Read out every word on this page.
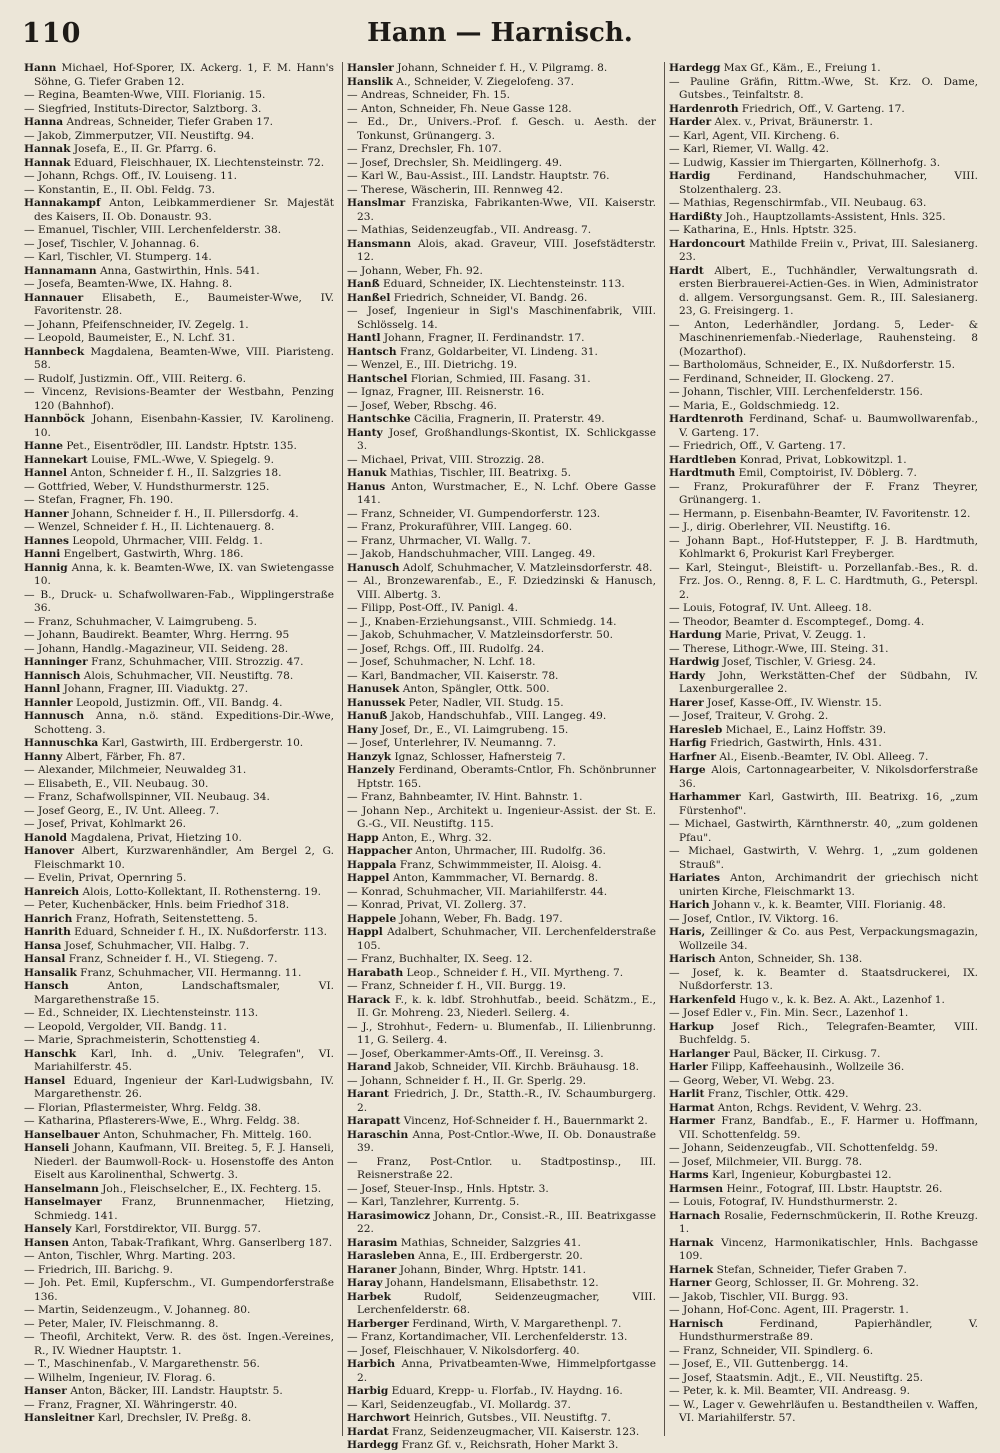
110	Hann — Harnisch.

Hann Michael, Hof-Sporer, IX. Ackerg. 1, F. M. Hann's Söhne, G. Tiefer Graben 12.

— Regina, Beamten-Wwe, VIII. Florianig. 15.

— Siegfried, Instituts-Director, Salztborg. 3.

Hanna Andreas, Schneider, Tiefer Graben 17.

— Jakob, Zimmerputzer, VII. Neustiftg. 94.

Hannak Josefa, E., II. Gr. Pfarrg. 6.

Hannak Eduard, Fleischhauer, IX. Liechtensteinstr. 72.

— Johann, Rchgs. Off., IV. Louiseng. 11.

— Konstantin, E., II. Obl. Feldg. 73.

Hannakampf Anton, Leibkammerdiener Sr. Majestät des Kaisers, II. Ob. Donaustr. 93.

— Emanuel, Tischler, VIII. Lerchenfelderstr. 38.

— Josef, Tischler, V. Johannag. 6.

— Karl, Tischler, VI. Stumperg. 14.

Hannamann Anna, Gastwirthin, Hnls. 541.

— Josefa, Beamten-Wwe, IX. Hahng. 8.

Hannauer Elisabeth, E., Baumeister-Wwe, IV. Favoritenstr. 28.

— Johann, Pfeifenschneider, IV. Zegelg. 1.

— Leopold, Baumeister, E., N. Lchf. 31.

Hannbeck Magdalena, Beamten-Wwe, VIII. Piaristeng. 58.

— Rudolf, Justizmin. Off., VIII. Reiterg. 6.

— Vincenz, Revisions-Beamter der Westbahn, Penzing 120 (Bahnhof).

Hannböck Johann, Eisenbahn-Kassier, IV. Karolineng. 10.

Hanne Pet., Eisentrödler, III. Landstr. Hptstr. 135.

Hannekart Louise, FML.-Wwe, V. Spiegelg. 9.

Hannel Anton, Schneider f. H., II. Salzgries 18.

— Gottfried, Weber, V. Hundsthurmerstr. 125.

— Stefan, Fragner, Fh. 190.

Hanner Johann, Schneider f. H., II. Pillersdorfg. 4.

— Wenzel, Schneider f. H., II. Lichtenauerg. 8.

Hannes Leopold, Uhrmacher, VIII. Feldg. 1.

Hanni Engelbert, Gastwirth, Whrg. 186.

Hannig Anna, k. k. Beamten-Wwe, IX. van Swietengasse 10.

— B., Druck- u. Schafwollwaren-Fab., Wipplingerstraße 36.

— Franz, Schuhmacher, V. Laimgrubeng. 5.

— Johann, Baudirekt. Beamter, Whrg. Herrng. 95

— Johann, Handlg.-Magazineur, VII. Seideng. 28.

Hanninger Franz, Schuhmacher, VIII. Strozzig. 47.

Hannisch Alois, Schuhmacher, VII. Neustiftg. 78.

Hannl Johann, Fragner, III. Viaduktg. 27.

Hannler Leopold, Justizmin. Off., VII. Bandg. 4.

Hannusch Anna, n.ö. ständ. Expeditions-Dir.-Wwe, Schotteng. 3.

Hannuschka Karl, Gastwirth, III. Erdbergerstr. 10.

Hanny Albert, Färber, Fh. 87.

— Alexander, Milchmeier, Neuwaldeg 31.

— Elisabeth, E., VII. Neubaug. 30.

— Franz, Schafwollspinner, VII. Neubaug. 34.

— Josef Georg, E., IV. Unt. Alleeg. 7.

— Josef, Privat, Kohlmarkt 26.

Hanold Magdalena, Privat, Hietzing 10.

Hanover Albert, Kurzwarenhändler, Am Bergel 2, G. Fleischmarkt 10.

— Evelin, Privat, Opernring 5.

Hanreich Alois, Lotto-Kollektant, II. Rothensterng. 19.

— Peter, Kuchenbäcker, Hnls. beim Friedhof 318.

Hanrich Franz, Hofrath, Seitenstetteng. 5.

Hanrith Eduard, Schneider f. H., IX. Nußdorferstr. 113.

Hansa Josef, Schuhmacher, VII. Halbg. 7.

Hansal Franz, Schneider f. H., VI. Stiegeng. 7.

Hansalik Franz, Schuhmacher, VII. Hermanng. 11.

Hansch Anton, Landschaftsmaler, VI. Margarethenstraße 15.

— Ed., Schneider, IX. Liechtensteinstr. 113.

— Leopold, Vergolder, VII. Bandg. 11.

— Marie, Sprachmeisterin, Schottenstieg 4.

Hanschk Karl, Inh. d. „Univ. Telegrafen", VI. Mariahilferstr. 45.

Hansel Eduard, Ingenieur der Karl-Ludwigsbahn, IV. Margarethenstr. 26.

— Florian, Pflastermeister, Whrg. Feldg. 38.

— Katharina, Pflasterers-Wwe, E., Whrg. Feldg. 38.

Hanselbauer Anton, Schuhmacher, Fh. Mittelg. 160.

Hanseli Johann, Kaufmann, VII. Breiteg. 5, F. J. Hanseli, Niederl. der Baumwoll-Rock- u. Hosenstoffe des Anton Eiselt aus Karolinenthal, Schwertg. 3.

Hanselmann Joh., Fleischselcher, E., IX. Fechterg. 15.

Hanselmayer Franz, Brunnenmacher, Hietzing, Schmiedg. 141.

Hansely Karl, Forstdirektor, VII. Burgg. 57.

Hansen Anton, Tabak-Trafikant, Whrg. Ganserlberg 187.

— Anton, Tischler, Whrg. Marting. 203.

— Friedrich, III. Barichg. 9.

— Joh. Pet. Emil, Kupferschm., VI. Gumpendorferstraße 136.

— Martin, Seidenzeugm., V. Johanneg. 80.

— Peter, Maler, IV. Fleischmanng. 8.

— Theofil, Architekt, Verw. R. des öst. Ingen.-Vereines, R., IV. Wiedner Hauptstr. 1.

— T., Maschinenfab., V. Margarethenstr. 56.

— Wilhelm, Ingenieur, IV. Florag. 6.

Hanser Anton, Bäcker, III. Landstr. Hauptstr. 5.

— Franz, Fragner, XI. Währingerstr. 40.

Hansleitner Karl, Drechsler, IV. Preßg. 8.

Hansler Johann, Schneider f. H., V. Pilgramg. 8.

Hanslik A., Schneider, V. Ziegelofeng. 37.

— Andreas, Schneider, Fh. 15.

— Anton, Schneider, Fh. Neue Gasse 128.

— Ed., Dr., Univers.-Prof. f. Gesch. u. Aesth. der Tonkunst, Grünangerg. 3.

— Franz, Drechsler, Fh. 107.

— Josef, Drechsler, Sh. Meidlingerg. 49.

— Karl W., Bau-Assist., III. Landstr. Hauptstr. 76.

— Therese, Wäscherin, III. Rennweg 42.

Hanslmar Franziska, Fabrikanten-Wwe, VII. Kaiserstr. 23.

— Mathias, Seidenzeugfab., VII. Andreasg. 7.

Hansmann Alois, akad. Graveur, VIII. Josefstädterstr. 12.

— Johann, Weber, Fh. 92.

Hanß Eduard, Schneider, IX. Liechtensteinstr. 113.

Hanßel Friedrich, Schneider, VI. Bandg. 26.

— Josef, Ingenieur in Sigl's Maschinenfabrik, VIII. Schlösselg. 14.

Hantl Johann, Fragner, II. Ferdinandstr. 17.

Hantsch Franz, Goldarbeiter, VI. Lindeng. 31.

— Wenzel, E., III. Dietrichg. 19.

Hantschel Florian, Schmied, III. Fasang. 31.

— Ignaz, Fragner, III. Reisnerstr. 16.

— Josef, Weber, Rbschg. 46.

Hantschke Cäcilia, Fragnerin, II. Praterstr. 49.

Hanty Josef, Großhandlungs-Skontist, IX. Schlickgasse 3.

— Michael, Privat, VIII. Strozzig. 28.

Hanuk Mathias, Tischler, III. Beatrixg. 5.

Hanus Anton, Wurstmacher, E., N. Lchf. Obere Gasse 141.

— Franz, Schneider, VI. Gumpendorferstr. 123.

— Franz, Prokuraführer, VIII. Langeg. 60.

— Franz, Uhrmacher, VI. Wallg. 7.

— Jakob, Handschuhmacher, VIII. Langeg. 49.

Hanusch Adolf, Schuhmacher, V. Matzleinsdorferstr. 48.

— Al., Bronzewarenfab., E., F. Dziedzinski & Hanusch, VIII. Albertg. 3.

— Filipp, Post-Off., IV. Panigl. 4.

— J., Knaben-Erziehungsanst., VIII. Schmiedg. 14.

— Jakob, Schuhmacher, V. Matzleinsdorferstr. 50.

— Josef, Rchgs. Off., III. Rudolfg. 24.

— Josef, Schuhmacher, N. Lchf. 18.

— Karl, Bandmacher, VII. Kaiserstr. 78.

Hanusek Anton, Spängler, Ottk. 500.

Hanussek Peter, Nadler, VII. Studg. 15.

Hanuß Jakob, Handschuhfab., VIII. Langeg. 49.

Hany Josef, Dr., E., VI. Laimgrubeng. 15.

— Josef, Unterlehrer, IV. Neumanng. 7.

Hanzyk Ignaz, Schlosser, Hafnersteig 7.

Hanzely Ferdinand, Oberamts-Cntlor, Fh. Schönbrunner Hptstr. 165.

— Franz, Bahnbeamter, IV. Hint. Bahnstr. 1.

— Johann Nep., Architekt u. Ingenieur-Assist. der St. E. G.-G., VII. Neustiftg. 115.

Happ Anton, E., Whrg. 32.

Happacher Anton, Uhrmacher, III. Rudolfg. 36.

Happala Franz, Schwimmmeister, II. Aloisg. 4.

Happel Anton, Kammmacher, VI. Bernardg. 8.

— Konrad, Schuhmacher, VII. Mariahilferstr. 44.

— Konrad, Privat, VI. Zollerg. 37.

Happele Johann, Weber, Fh. Badg. 197.

Happl Adalbert, Schuhmacher, VII. Lerchenfelderstraße 105.

— Franz, Buchhalter, IX. Seeg. 12.

Harabath Leop., Schneider f. H., VII. Myrtheng. 7.

— Franz, Schneider f. H., VII. Burgg. 19.

Harack F., k. k. ldbf. Strohhutfab., beeid. Schätzm., E., II. Gr. Mohreng. 23, Niederl. Seilerg. 4.

— J., Strohhut-, Federn- u. Blumenfab., II. Lilienbrunng. 11, G. Seilerg. 4.

— Josef, Oberkammer-Amts-Off., II. Vereinsg. 3.

Harand Jakob, Schneider, VII. Kirchb. Bräuhausg. 18.

— Johann, Schneider f. H., II. Gr. Sperlg. 29.

Harant Friedrich, J. Dr., Statth.-R., IV. Schaumburgerg. 2.

Harapatt Vincenz, Hof-Schneider f. H., Bauernmarkt 2.

Haraschin Anna, Post-Cntlor.-Wwe, II. Ob. Donaustraße 39.

— Franz, Post-Cntlor. u. Stadtpostinsp., III. Reisnerstraße 22.

— Josef, Steuer-Insp., Hnls. Hptstr. 3.

— Karl, Tanzlehrer, Kurrentg. 5.

Harasimowicz Johann, Dr., Consist.-R., III. Beatrixgasse 22.

Harasim Mathias, Schneider, Salzgries 41.

Harasleben Anna, E., III. Erdbergerstr. 20.

Haraner Johann, Binder, Whrg. Hptstr. 141.

Haray Johann, Handelsmann, Elisabethstr. 12.

Harbek Rudolf, Seidenzeugmacher, VIII. Lerchenfelderstr. 68.

Harberger Ferdinand, Wirth, V. Margarethenpl. 7.

— Franz, Kortandimacher, VII. Lerchenfelderstr. 13.

— Josef, Fleischhauer, V. Nikolsdorferg. 40.

Harbich Anna, Privatbeamten-Wwe, Himmelpfortgasse 2.

Harbig Eduard, Krepp- u. Florfab., IV. Haydng. 16.

— Karl, Seidenzeugfab., VI. Mollardg. 37.

Harchwort Heinrich, Gutsbes., VII. Neustiftg. 7.

Hardat Franz, Seidenzeugmacher, VII. Kaiserstr. 123.

Hardegg Franz Gf. v., Reichsrath, Hoher Markt 3.

Hardegg Max Gf., Käm., E., Freiung 1.

— Pauline Gräfin, Rittm.-Wwe, St. Krz. O. Dame, Gutsbes., Teinfaltstr. 8.

Hardenroth Friedrich, Off., V. Garteng. 17.

Harder Alex. v., Privat, Bräunerstr. 1.

— Karl, Agent, VII. Kircheng. 6.

— Karl, Riemer, VI. Wallg. 42.

— Ludwig, Kassier im Thiergarten, Köllnerhofg. 3.

Hardig Ferdinand, Handschuhmacher, VIII. Stolzenthalerg. 23.

— Mathias, Regenschirmfab., VII. Neubaug. 63.

Hardißty Joh., Hauptzollamts-Assistent, Hnls. 325.

— Katharina, E., Hnls. Hptstr. 325.

Hardoncourt Mathilde Freiin v., Privat, III. Salesianerg. 23.

Hardt Albert, E., Tuchhändler, Verwaltungsrath d. ersten Bierbrauerei-Actien-Ges. in Wien, Administrator d. allgem. Versorgungsanst. Gem. R., III. Salesianerg. 23, G. Freisingerg. 1.

— Anton, Lederhändler, Jordang. 5, Leder- & Maschinenriemenfab.-Niederlage, Rauhensteing. 8 (Mozarthof).

— Bartholomäus, Schneider, E., IX. Nußdorferstr. 15.

— Ferdinand, Schneider, II. Glockeng. 27.

— Johann, Tischler, VIII. Lerchenfelderstr. 156.

— Maria, E., Goldschmiedg. 12.

Hardtenroth Ferdinand, Schaf- u. Baumwollwarenfab., V. Garteng. 17.

— Friedrich, Off., V. Garteng. 17.

Hardtleben Konrad, Privat, Lobkowitzpl. 1.

Hardtmuth Emil, Comptoirist, IV. Döblerg. 7.

— Franz, Prokuraführer der F. Franz Theyrer, Grünangerg. 1.

— Hermann, p. Eisenbahn-Beamter, IV. Favoritenstr. 12.

— J., dirig. Oberlehrer, VII. Neustiftg. 16.

— Johann Bapt., Hof-Hutstepper, F. J. B. Hardtmuth, Kohlmarkt 6, Prokurist Karl Freyberger.

— Karl, Steingut-, Bleistift- u. Porzellanfab.-Bes., R. d. Frz. Jos. O., Renng. 8, F. L. C. Hardtmuth, G., Peterspl. 2.

— Louis, Fotograf, IV. Unt. Alleeg. 18.

— Theodor, Beamter d. Escomptegef., Domg. 4.

Hardung Marie, Privat, V. Zeugg. 1.

— Therese, Lithogr.-Wwe, III. Steing. 31.

Hardwig Josef, Tischler, V. Griesg. 24.

Hardy John, Werkstätten-Chef der Südbahn, IV. Laxenburgerallee 2.

Harer Josef, Kasse-Off., IV. Wienstr. 15.

— Josef, Traiteur, V. Grohg. 2.

Haresleb Michael, E., Lainz Hoffstr. 39.

Harfig Friedrich, Gastwirth, Hnls. 431.

Harfner Al., Eisenb.-Beamter, IV. Obl. Alleeg. 7.

Harge Alois, Cartonnagearbeiter, V. Nikolsdorferstraße 36.

Harhammer Karl, Gastwirth, III. Beatrixg. 16, „zum Fürstenhof".

— Michael, Gastwirth, Kärnthnerstr. 40, „zum goldenen Pfau".

— Michael, Gastwirth, V. Wehrg. 1, „zum goldenen Strauß".

Hariates Anton, Archimandrit der griechisch nicht unirten Kirche, Fleischmarkt 13.

Harich Johann v., k. k. Beamter, VIII. Florianig. 48.

— Josef, Cntlor., IV. Viktorg. 16.

Haris, Zeillinger & Co. aus Pest, Verpackungsmagazin, Wollzeile 34.

Harisch Anton, Schneider, Sh. 138.

— Josef, k. k. Beamter d. Staatsdruckerei, IX. Nußdorferstr. 13.

Harkenfeld Hugo v., k. k. Bez. A. Akt., Lazenhof 1.

— Josef Edler v., Fin. Min. Secr., Lazenhof 1.

Harkup Josef Rich., Telegrafen-Beamter, VIII. Buchfeldg. 5.

Harlanger Paul, Bäcker, II. Cirkusg. 7.

Harler Filipp, Kaffeehausinh., Wollzeile 36.

— Georg, Weber, VI. Webg. 23.

Harlit Franz, Tischler, Ottk. 429.

Harmat Anton, Rchgs. Revident, V. Wehrg. 23.

Harmer Franz, Bandfab., E., F. Harmer u. Hoffmann, VII. Schottenfeldg. 59.

— Johann, Seidenzeugfab., VII. Schottenfeldg. 59.

— Josef, Milchmeier, VII. Burgg. 78.

Harms Karl, Ingenieur, Koburgbastei 12.

Harmsen Heinr., Fotograf, III. Lbstr. Hauptstr. 26.

— Louis, Fotograf, IV. Hundsthurmerstr. 2.

Harnach Rosalie, Federnschmückerin, II. Rothe Kreuzg. 1.

Harnak Vincenz, Harmonikatischler, Hnls. Bachgasse 109.

Harnek Stefan, Schneider, Tiefer Graben 7.

Harner Georg, Schlosser, II. Gr. Mohreng. 32.

— Jakob, Tischler, VII. Burgg. 93.

— Johann, Hof-Conc. Agent, III. Pragerstr. 1.

Harnisch Ferdinand, Papierhändler, V. Hundsthurmerstraße 89.

— Franz, Schneider, VII. Spindlerg. 6.

— Josef, E., VII. Guttenbergg. 14.

— Josef, Staatsmin. Adjt., E., VII. Neustiftg. 25.

— Peter, k. k. Mil. Beamter, VII. Andreasg. 9.

— W., Lager v. Gewehrläufen u. Bestandtheilen v. Waffen, VI. Mariahilferstr. 57.
